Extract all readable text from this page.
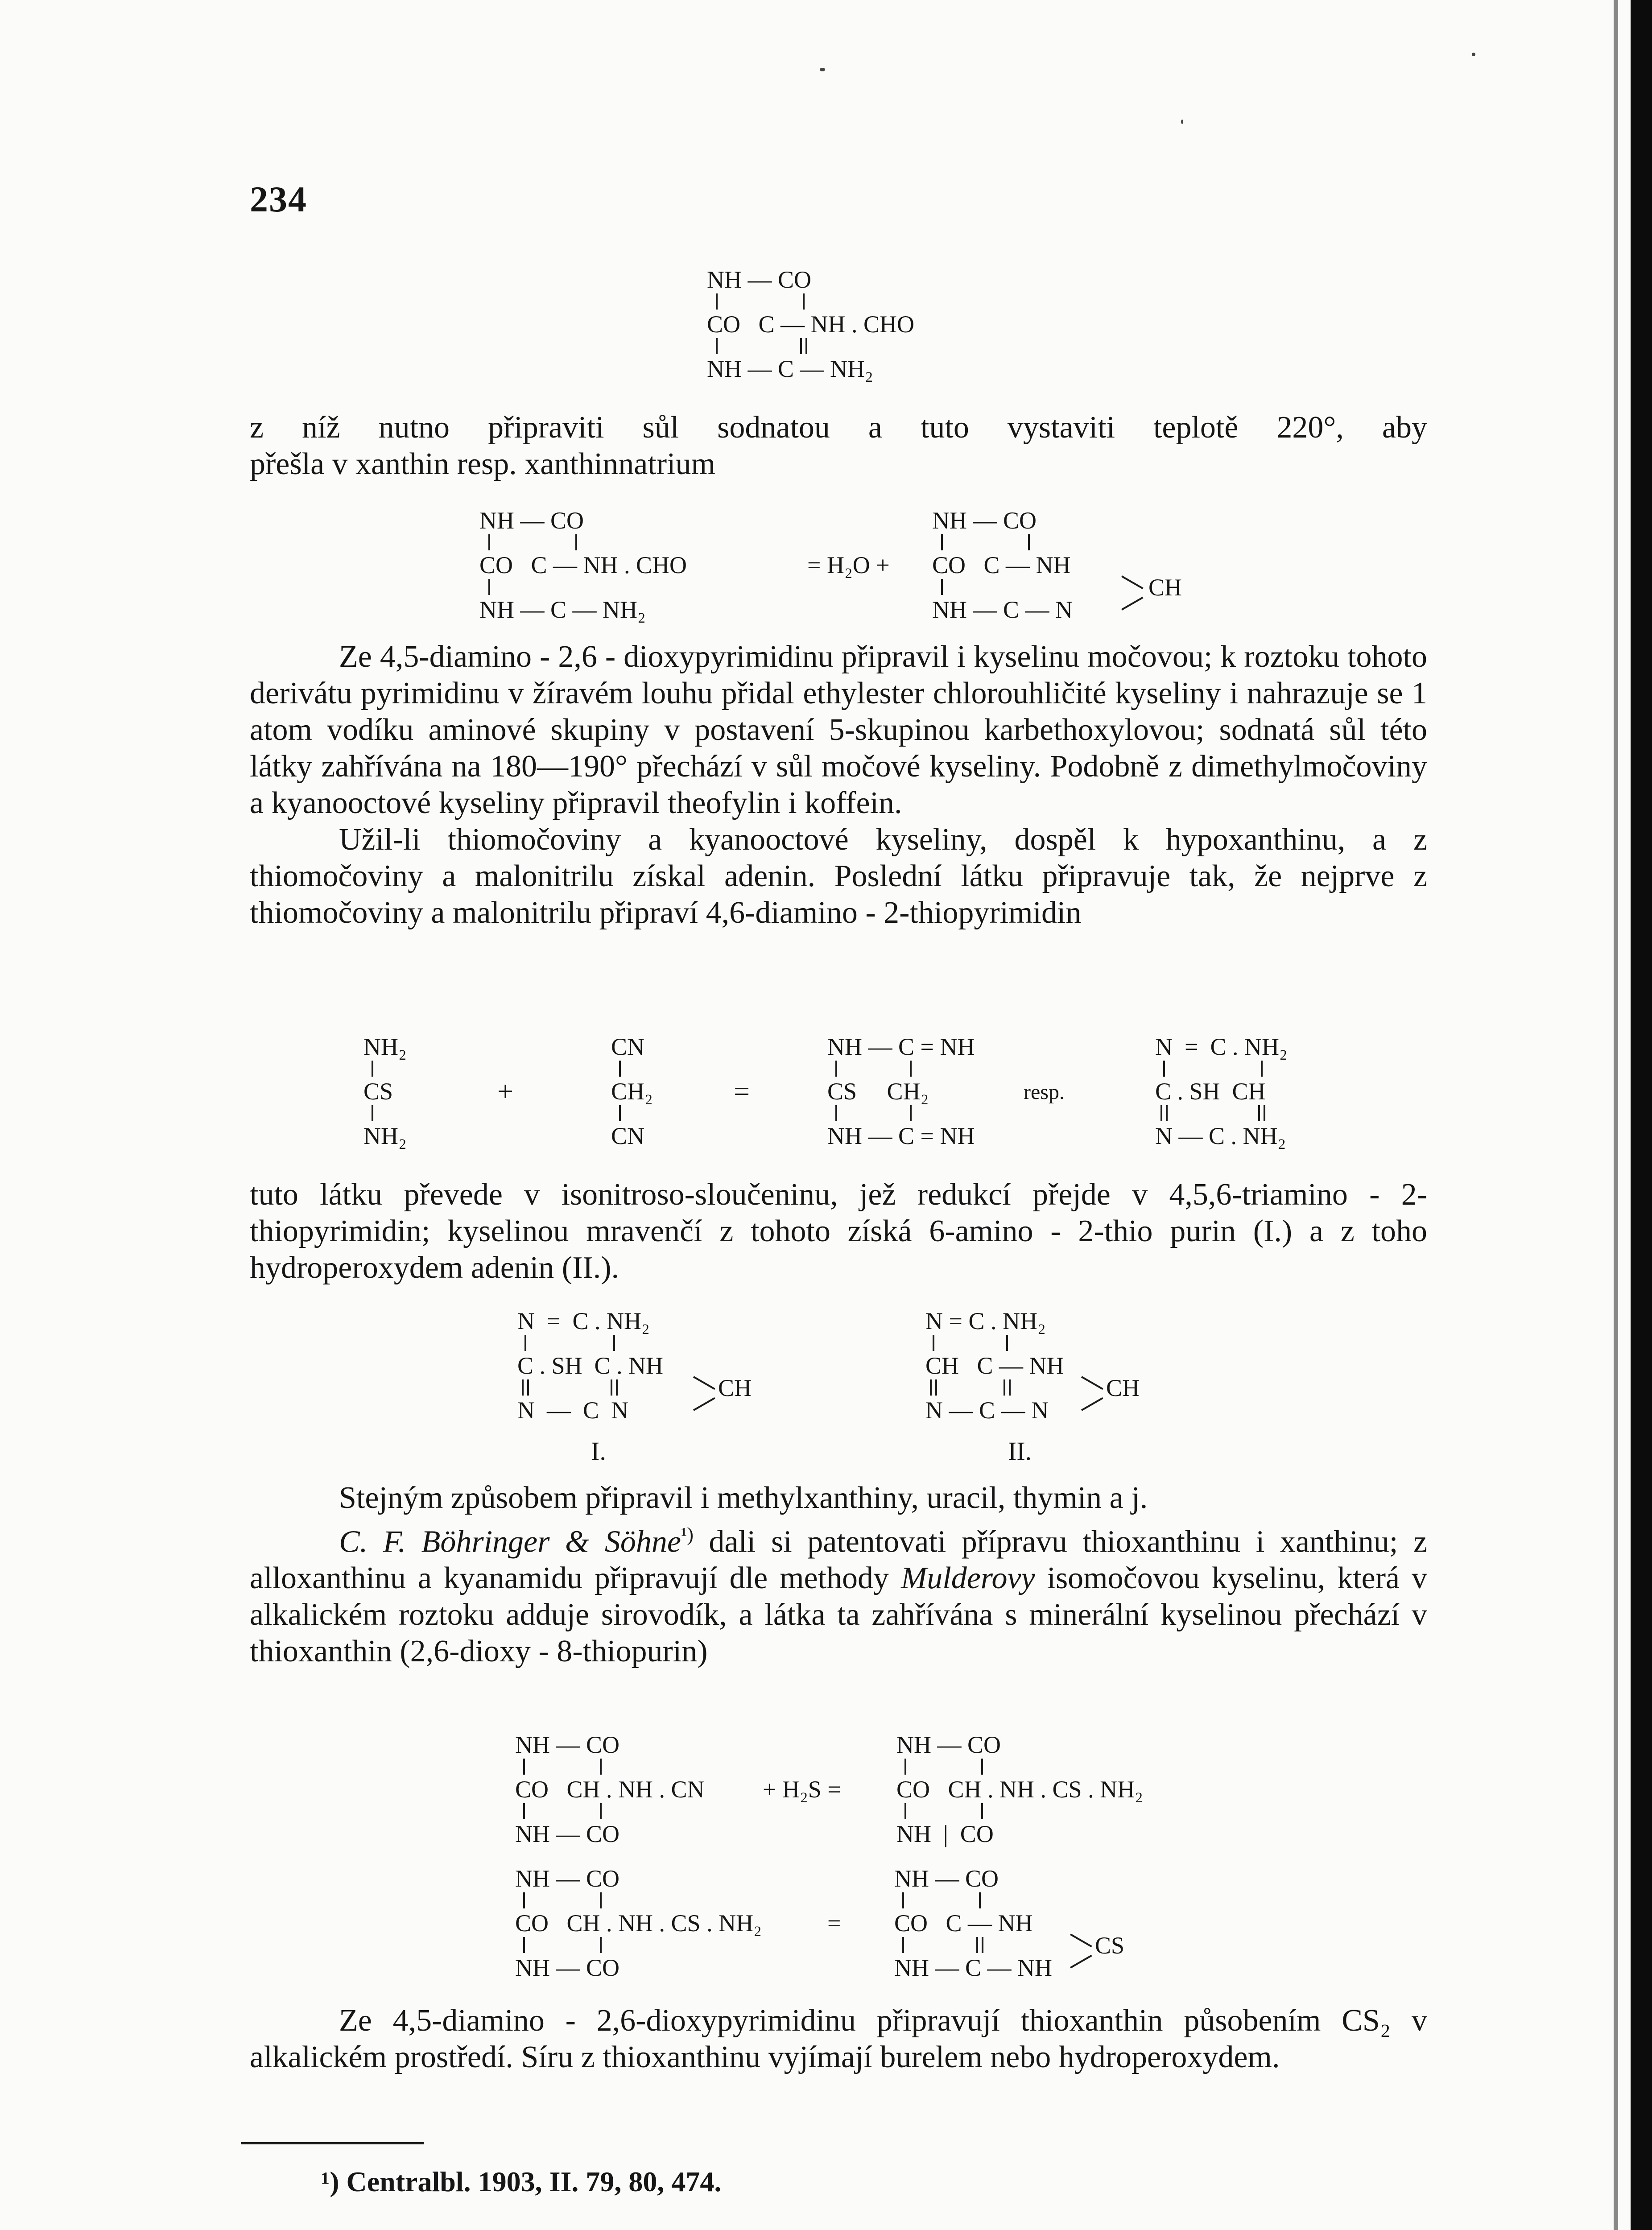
234

NH — CO

CO   C — NH . CHO

NH — C — NH₂

z níž nutno připraviti sůl sodnatou a tuto vystaviti teplotě 220°, aby

přešla v xanthin resp. xanthinnatrium

NH — CO

CO   C — NH . CHO

NH — C — NH₂

= H₂O +

NH — CO

CO   C — NH

NH — C — N

CH

Ze 4,5-diamino - 2,6 - dioxypyrimidinu připravil i kyselinu močovou; k roztoku tohoto derivátu pyrimidinu v žíravém louhu přidal ethylester chlorouhličité kyseliny i nahrazuje se 1 atom vodíku aminové skupiny v postavení 5-skupinou karbethoxylovou; sodnatá sůl této látky zahřívána na 180—190° přechází v sůl močové kyseliny. Podobně z dimethylmočoviny a kyanooctové kyseliny připravil theofylin i koffein.

Užil-li thiomočoviny a kyanooctové kyseliny, dospěl k hypoxanthinu, a z thiomočoviny a malonitrilu získal adenin. Poslední látku připravuje tak, že nejprve z thiomočoviny a malonitrilu připraví 4,6-diamino - 2-thiopyrimidin

NH₂

CS

NH₂

+

CN

CH₂

CN

=

NH — C = NH

CS     CH₂

NH — C = NH

resp.

N  =  C . NH₂

C . SH  CH

N — C . NH₂

tuto látku převede v isonitroso-sloučeninu, jež redukcí přejde v 4,5,6-triamino - 2-thiopyrimidin; kyselinou mravenčí z tohoto získá 6-amino - 2-thio purin (I.) a z toho hydroperoxydem adenin (II.).

N  =  C . NH₂

C . SH  C . NH

N  —  C  N

CH

I.

N = C . NH₂

CH   C — NH

N — C — N

CH

II.

Stejným způsobem připravil i methylxanthiny, uracil, thymin a j.

C. F. Böhringer & Söhne$^{^1)}$ dali si patentovati přípravu thioxanthinu i xanthinu; z alloxanthinu a kyanamidu připravují dle methody Mulderovy isomočovou kyselinu, která v alkalickém roztoku adduje sirovodík, a látka ta zahřívána s minerální kyselinou přechází v thioxanthin (2,6-dioxy - 8-thiopurin)

NH — CO

CO   CH . NH . CN

NH — CO

+ H₂S =

NH — CO

CO   CH . NH . CS . NH₂

NH  |  CO

NH — CO

CO   CH . NH . CS . NH₂

NH — CO

=

NH — CO

CO   C — NH

NH — C — NH

CS

Ze 4,5-diamino - 2,6-dioxypyrimidinu připravují thioxanthin působením CS₂ v alkalickém prostředí. Síru z thioxanthinu vyjímají burelem nebo hydroperoxydem.

¹) Centralbl. 1903, II. 79, 80, 474.
